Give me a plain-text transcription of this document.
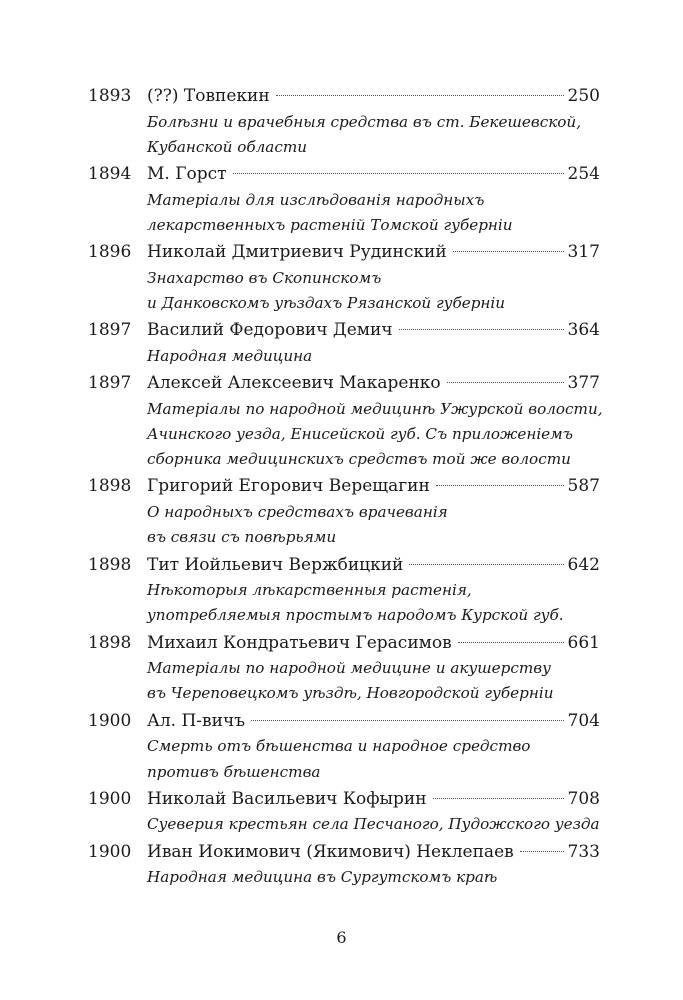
1893 (??) Товпекин	250
Болѣзни и врачебныя средства въ ст. Бекешевской,
Кубанской области
1894 М. Горст	254
Матеріалы для изслѣдованія народныхъ
лекарственныхъ растеній Томской губерніи
1896 Николай Дмитриевич Рудинский	317
Знахарство въ Скопинскомъ
и Данковскомъ уѣздахъ Рязанской губерніи
1897 Василий Федорович Демич	364
Народная медицина
1897 Алексей Алексеевич Макаренко	377
Матеріалы по народной медицинѣ Ужурской волости,
Ачинского уезда, Енисейской губ. Съ приложеніемъ
сборника медицинскихъ средствъ той же волости
1898 Григорий Егорович Верещагин	587
О народныхъ средствахъ врачеванія
въ связи съ повѣрьями
1898 Тит Иойльевич Вержбицкий	642
Нѣкоторыя лѣкарственныя растенія,
употребляемыя простымъ народомъ Курской губ.
1898 Михаил Кондратьевич Герасимов	661
Матеріалы по народной медицине и акушерству
въ Череповецкомъ уѣздѣ, Новгородской губерніи
1900 Ал. П-вичъ	704
Смерть отъ бѣшенства и народное средство
противъ бѣшенства
1900 Николай Васильевич Кофырин	708
Суеверия крестьян села Песчаного, Пудожского уезда
1900 Иван Иокимович (Якимович) Неклепаев	733
Народная медицина въ Сургутскомъ краѣ
6
